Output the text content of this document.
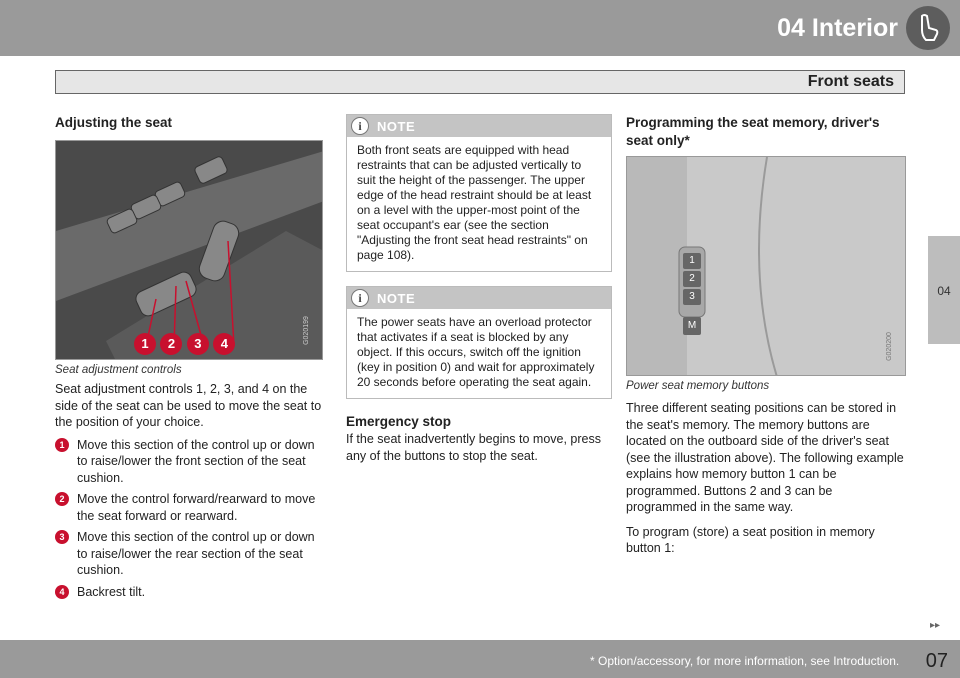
04 Interior
Front seats
04
Adjusting the seat
1 2 3 4	G020199
Seat adjustment controls

Seat adjustment controls 1, 2, 3, and 4 on the side of the seat can be used to move the seat to the position of your choice.

1	Move this section of the control up or down to raise/lower the front section of the seat cushion.
2	Move the control forward/rearward to move the seat forward or rearward.
3	Move this section of the control up or down to raise/lower the rear section of the seat cushion.
4	Backrest tilt.
i	NOTE
Both front seats are equipped with head restraints that can be adjusted vertically to suit the height of the passenger. The upper edge of the head restraint should be at least on a level with the upper-most point of the seat occupant's ear (see the section "Adjusting the front seat head restraints" on page 108).
i	NOTE
The power seats have an overload protector that activates if a seat is blocked by any object. If this occurs, switch off the ignition (key in position 0) and wait for approximately 20 seconds before operating the seat again.
Emergency stop

If the seat inadvertently begins to move, press any of the buttons to stop the seat.

Programming the seat memory, driver's seat only*
1
2
3
M
G020200
Power seat memory buttons

Three different seating positions can be stored in the seat's memory. The memory buttons are located on the outboard side of the driver's seat (see the illustration above). The following example explains how memory button 1 can be programmed. Buttons 2 and 3 can be programmed in the same way.

To program (store) a seat position in memory button 1:

▸▸
* Option/accessory, for more information, see Introduction. 07
